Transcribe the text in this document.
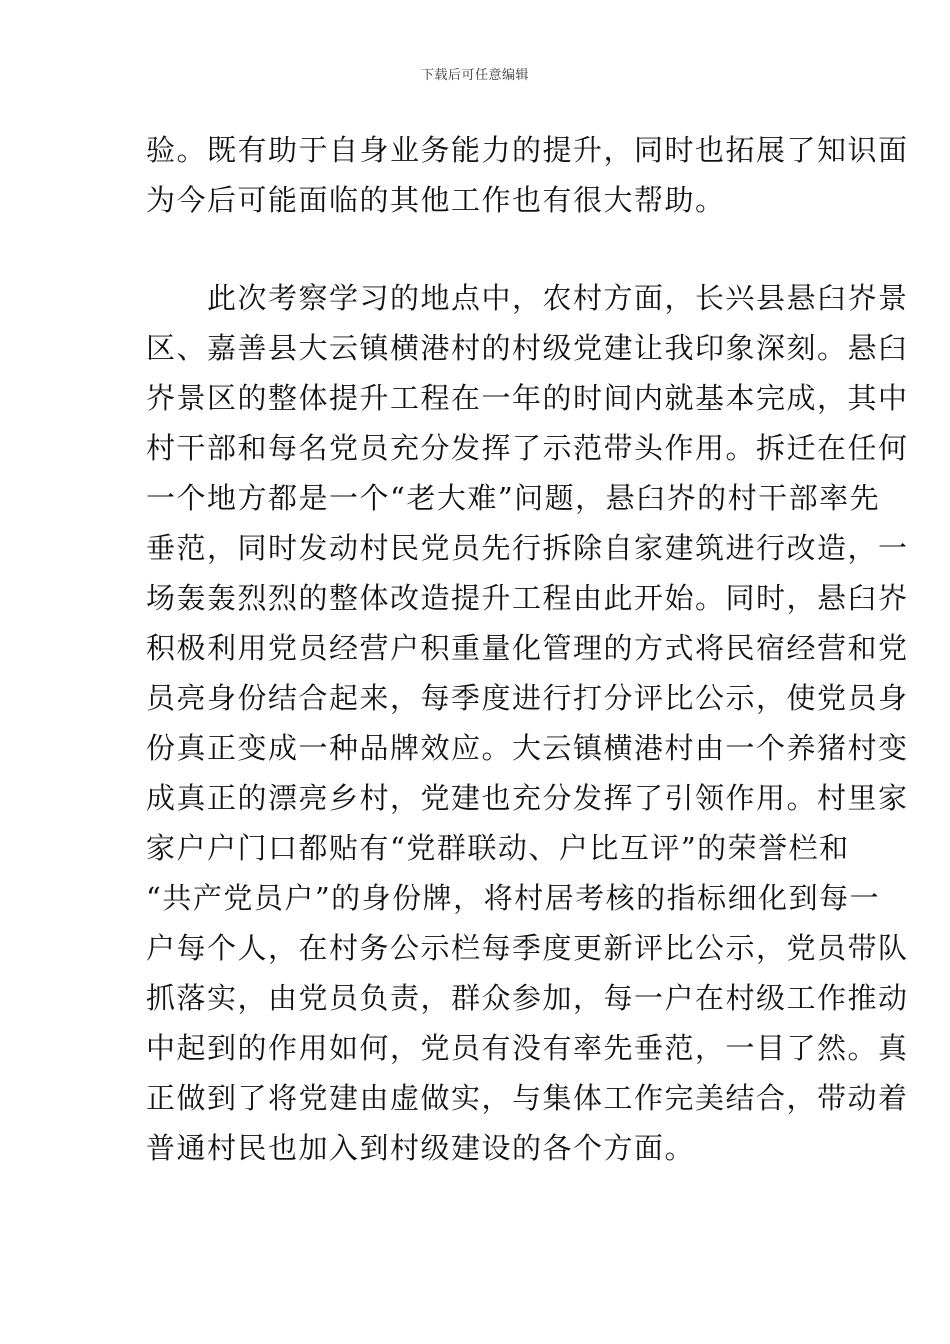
下载后可任意编辑
验。既有助于自身业务能力的提升，同时也拓展了知识面
为今后可能面临的其他工作也有很大帮助。
　　此次考察学习的地点中，农村方面，长兴县悬臼岕景
区、嘉善县大云镇横港村的村级党建让我印象深刻。悬臼
岕景区的整体提升工程在一年的时间内就基本完成，其中
村干部和每名党员充分发挥了示范带头作用。拆迁在任何
一个地方都是一个“老大难”问题，悬臼岕的村干部率先
垂范，同时发动村民党员先行拆除自家建筑进行改造，一
场轰轰烈烈的整体改造提升工程由此开始。同时，悬臼岕
积极利用党员经营户积重量化管理的方式将民宿经营和党
员亮身份结合起来，每季度进行打分评比公示，使党员身
份真正变成一种品牌效应。大云镇横港村由一个养猪村变
成真正的漂亮乡村，党建也充分发挥了引领作用。村里家
家户户门口都贴有“党群联动、户比互评”的荣誉栏和
“共产党员户”的身份牌，将村居考核的指标细化到每一
户每个人，在村务公示栏每季度更新评比公示，党员带队
抓落实，由党员负责，群众参加，每一户在村级工作推动
中起到的作用如何，党员有没有率先垂范，一目了然。真
正做到了将党建由虚做实，与集体工作完美结合，带动着
普通村民也加入到村级建设的各个方面。
